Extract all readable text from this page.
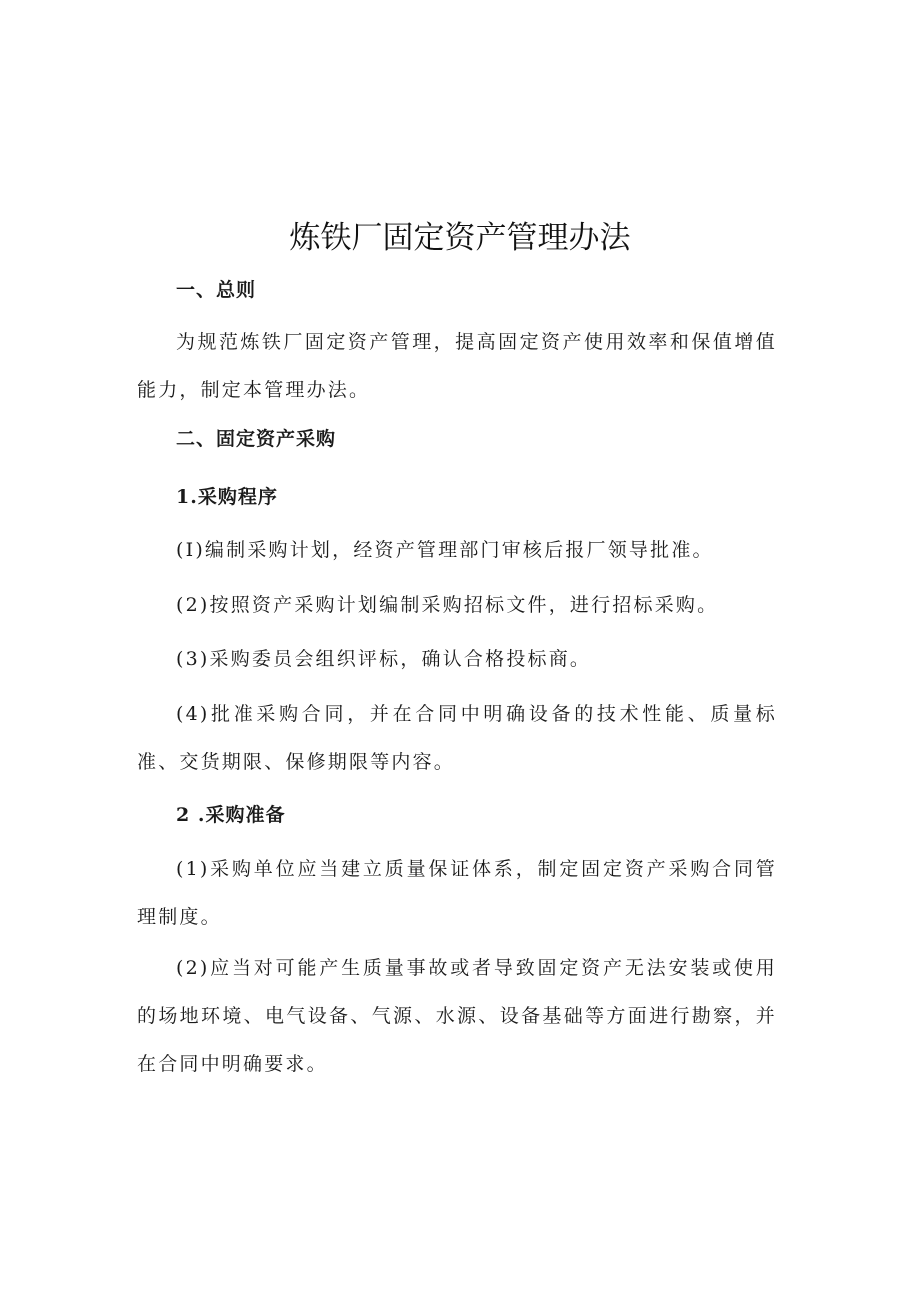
炼铁厂固定资产管理办法
一、总则
为规范炼铁厂固定资产管理，提高固定资产使用效率和保值增值能力，制定本管理办法。
二、固定资产采购
1.采购程序
(I)编制采购计划，经资产管理部门审核后报厂领导批准。
(2)按照资产采购计划编制采购招标文件，进行招标采购。
(3)采购委员会组织评标，确认合格投标商。
(4)批准采购合同，并在合同中明确设备的技术性能、质量标准、交货期限、保修期限等内容。
2 .采购准备
(1)采购单位应当建立质量保证体系，制定固定资产采购合同管理制度。
(2)应当对可能产生质量事故或者导致固定资产无法安装或使用的场地环境、电气设备、气源、水源、设备基础等方面进行勘察，并在合同中明确要求。
